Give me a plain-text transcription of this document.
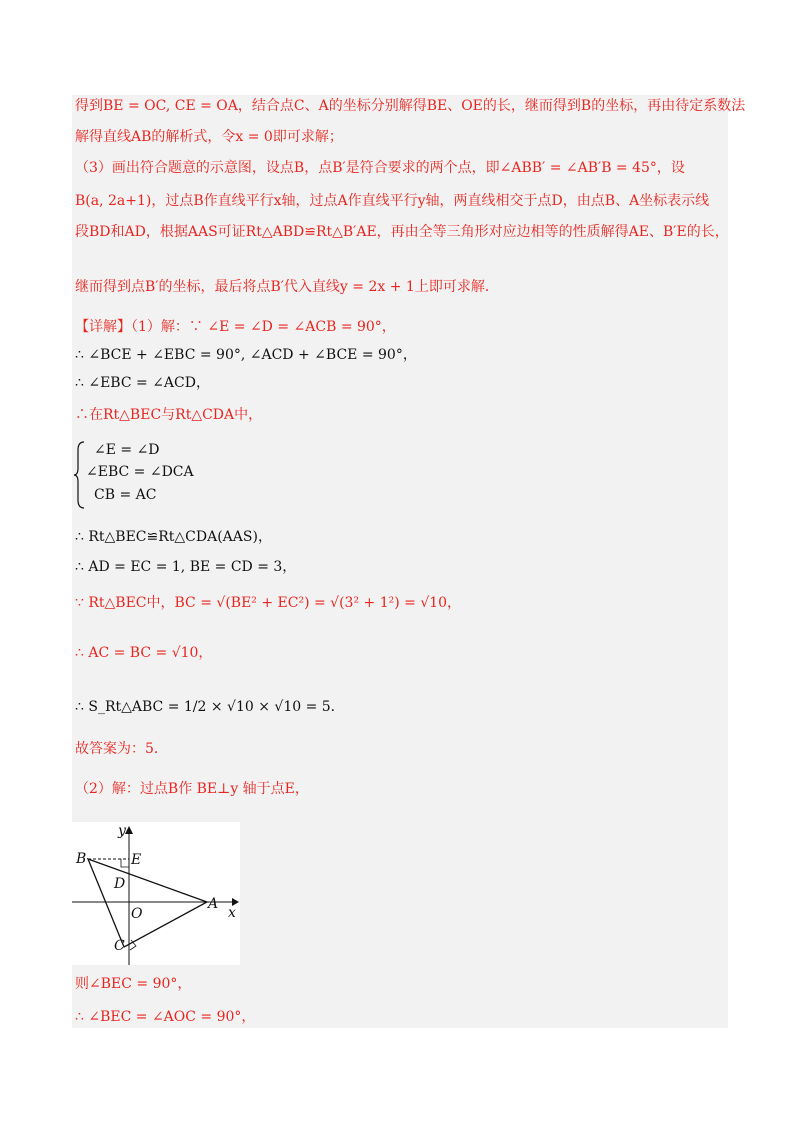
得到BE = OC, CE = OA，结合点C、A的坐标分别解得BE、OE的长，继而得到B的坐标，再由待定系数法
解得直线AB的解析式，令x = 0即可求解；
（3）画出符合题意的示意图，设点B，点B′是符合要求的两个点，即∠ABB′ = ∠AB′B = 45°，设
B(a, 2a+1)，过点B作直线平行x轴，过点A作直线平行y轴，两直线相交于点D，由点B、A坐标表示线
段BD和AD，根据AAS可证Rt△ABD≌Rt△B′AE，再由全等三角形对应边相等的性质解得AE、B′E的长，
继而得到点B′的坐标，最后将点B′代入直线y = 2x + 1上即可求解．
【详解】（1）解：∵ ∠E = ∠D = ∠ACB = 90°，
∴ ∠BCE + ∠EBC = 90°, ∠ACD + ∠BCE = 90°，
∴ ∠EBC = ∠ACD，
∴在Rt△BEC与Rt△CDA中，
∠E = ∠D
∠EBC = ∠DCA
CB = AC
∴ Rt△BEC≌Rt△CDA(AAS)，
∴ AD = EC = 1, BE = CD = 3，
∵ Rt△BEC中，BC = √(BE² + EC²) = √(3² + 1²) = √10，
∴ AC = BC = √10，
∴ S_Rt△ABC = 1/2 × √10 × √10 = 5．
故答案为：5．
（2）解：过点B作 BE⊥y 轴于点E，
B	E
D
O
A
C
x
y
则∠BEC = 90°，
∴ ∠BEC = ∠AOC = 90°，
